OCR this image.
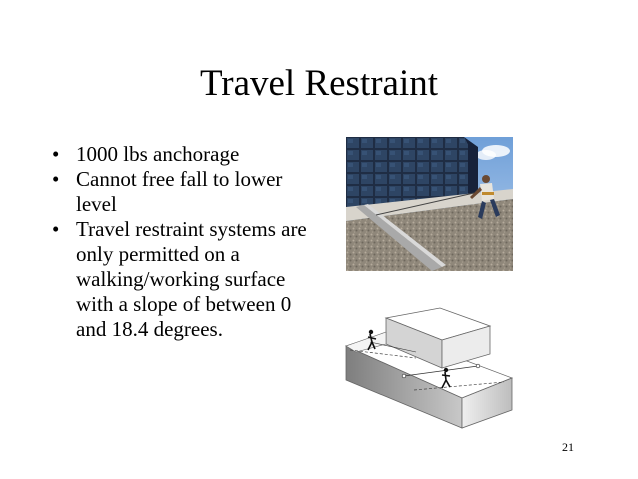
Travel Restraint
• 1000 lbs anchorage
• Cannot free fall to lower level
• Travel restraint systems are only permitted on a walking/working surface with a slope of between 0 and 18.4 degrees.
21
